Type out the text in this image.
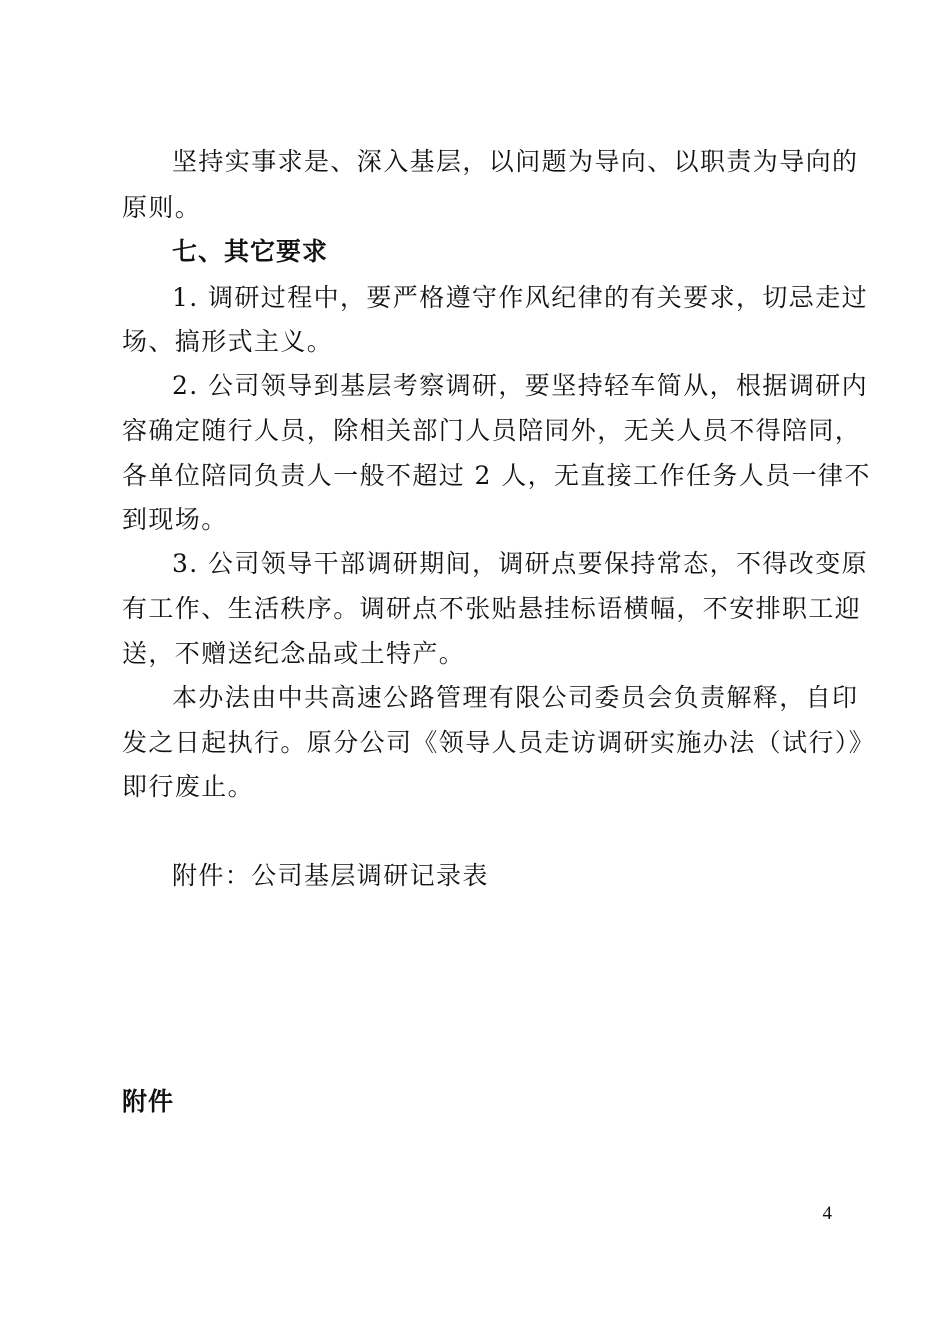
坚持实事求是、深入基层，以问题为导向、以职责为导向的
原则。
七、其它要求
1. 调研过程中，要严格遵守作风纪律的有关要求，切忌走过
场、搞形式主义。
2. 公司领导到基层考察调研，要坚持轻车简从，根据调研内
容确定随行人员，除相关部门人员陪同外，无关人员不得陪同，
各单位陪同负责人一般不超过 2 人，无直接工作任务人员一律不
到现场。
3. 公司领导干部调研期间，调研点要保持常态，不得改变原
有工作、生活秩序。调研点不张贴悬挂标语横幅，不安排职工迎
送，不赠送纪念品或土特产。
本办法由中共高速公路管理有限公司委员会负责解释，自印
发之日起执行。原分公司《领导人员走访调研实施办法（试行）》
即行废止。
附件：公司基层调研记录表
附件
4
